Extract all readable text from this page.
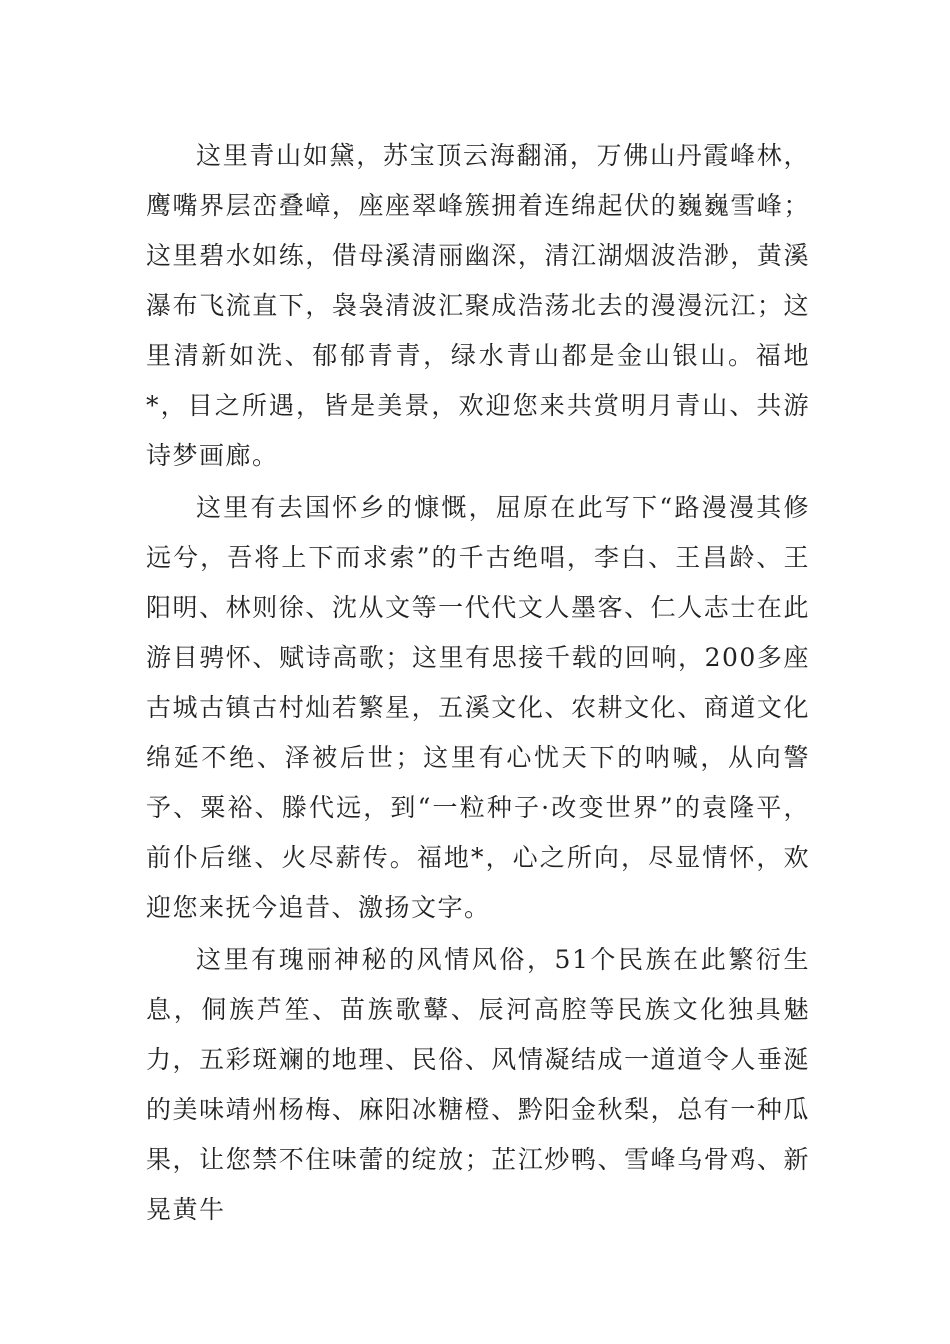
这里青山如黛，苏宝顶云海翻涌，万佛山丹霞峰林，鹰嘴界层峦叠嶂，座座翠峰簇拥着连绵起伏的巍巍雪峰；这里碧水如练，借母溪清丽幽深，清江湖烟波浩渺，黄溪瀑布飞流直下，袅袅清波汇聚成浩荡北去的漫漫沅江；这里清新如洗、郁郁青青，绿水青山都是金山银山。福地*，目之所遇，皆是美景，欢迎您来共赏明月青山、共游诗梦画廊。

这里有去国怀乡的慷慨，屈原在此写下“路漫漫其修远兮，吾将上下而求索”的千古绝唱，李白、王昌龄、王阳明、林则徐、沈从文等一代代文人墨客、仁人志士在此游目骋怀、赋诗高歌；这里有思接千载的回响，200多座古城古镇古村灿若繁星，五溪文化、农耕文化、商道文化绵延不绝、泽被后世；这里有心忧天下的呐喊，从向警予、粟裕、滕代远，到“一粒种子·改变世界”的袁隆平，前仆后继、火尽薪传。福地*，心之所向，尽显情怀，欢迎您来抚今追昔、激扬文字。

这里有瑰丽神秘的风情风俗，51个民族在此繁衍生息，侗族芦笙、苗族歌鼙、辰河高腔等民族文化独具魅力，五彩斑斓的地理、民俗、风情凝结成一道道令人垂涎的美味靖州杨梅、麻阳冰糖橙、黔阳金秋梨，总有一种瓜果，让您禁不住味蕾的绽放；芷江炒鸭、雪峰乌骨鸡、新晃黄牛
